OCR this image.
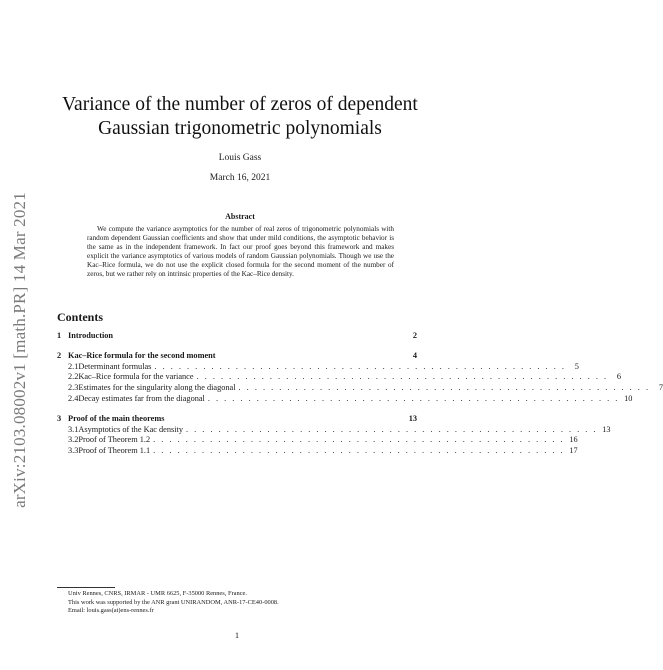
arXiv:2103.08002v1 [math.PR] 14 Mar 2021
Variance of the number of zeros of dependent
Gaussian trigonometric polynomials
Louis Gass
March 16, 2021
Abstract
We compute the variance asymptotics for the number of real zeros of trigonometric polynomials with random dependent Gaussian coefficients and show that under mild conditions, the asymptotic behavior is the same as in the independent framework. In fact our proof goes beyond this framework and makes explicit the variance asymptotics of various models of random Gaussian polynomials. Though we use the Kac–Rice formula, we do not use the explicit closed formula for the second moment of the number of zeros, but we rather rely on intrinsic properties of the Kac–Rice density.
Contents
1 Introduction	2
2 Kac–Rice formula for the second moment	4
2.1 Determinant formulas . . . . . . . . . . . . . . . . . . . . . . . . . . . . . . . . . . . . . . . . . . . . . . . . . . .	5
2.2 Kac–Rice formula for the variance . . . . . . . . . . . . . . . . . . . . . . . . . . . . . . . . . . . . . . . . . . . . . . . . . . .	6
2.3 Estimates for the singularity along the diagonal . . . . . . . . . . . . . . . . . . . . . . . . . . . . . . . . . . . . . . . . . . . . . . . . . . .	7
2.4 Decay estimates far from the diagonal . . . . . . . . . . . . . . . . . . . . . . . . . . . . . . . . . . . . . . . . . . . . . . . . . . . 10
3 Proof of the main theorems	13
3.1 Asymptotics of the Kac density . . . . . . . . . . . . . . . . . . . . . . . . . . . . . . . . . . . . . . . . . . . . . . . . . . . 13
3.2 Proof of Theorem 1.2 . . . . . . . . . . . . . . . . . . . . . . . . . . . . . . . . . . . . . . . . . . . . . . . . . . . 16
3.3 Proof of Theorem 1.1 . . . . . . . . . . . . . . . . . . . . . . . . . . . . . . . . . . . . . . . . . . . . . . . . . . . 17
Univ Rennes, CNRS, IRMAR - UMR 6625, F-35000 Rennes, France.
This work was supported by the ANR grant UNIRANDOM, ANR-17-CE40-0008.
Email: louis.gass(at)ens-rennes.fr
1
